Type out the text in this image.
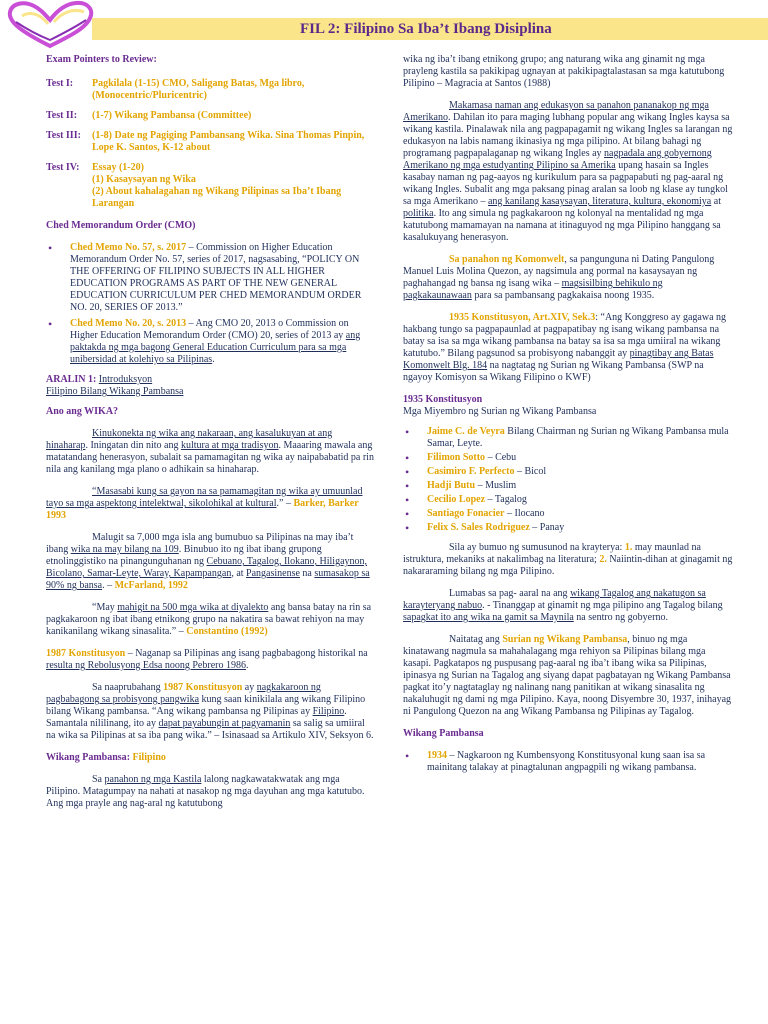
FIL 2: Filipino Sa Iba’t Ibang Disiplina

Exam Pointers to Review:

Test I:	Pagkilala (1-15) CMO, Saligang Batas, Mga libro, (Monocentric/Pluricentric)
Test II:	(1-7) Wikang Pambansa (Committee)
Test III:	(1-8) Date ng Pagiging Pambansang Wika. Sina Thomas Pinpin, Lope K. Santos, K-12 about
Test IV:	Essay (1-20)
(1) Kasaysayan ng Wika
(2) About kahalagahan ng Wikang Pilipinas sa Iba’t Ibang Larangan

Ched Memorandum Order (CMO)

• Ched Memo No. 57, s. 2017 – Commission on Higher Education Memorandum Order No. 57, series of 2017, nagsasabing, “POLICY ON THE OFFERING OF FILIPINO SUBJECTS IN ALL HIGHER EDUCATION PROGRAMS AS PART OF THE NEW GENERAL EDUCATION CURRICULUM PER CHED MEMORANDUM ORDER NO. 20, SERIES OF 2013.”
• Ched Memo No. 20, s. 2013 – Ang CMO 20, 2013 o Commission on Higher Education Memorandum Order (CMO) 20, series of 2013 ay ang paktakda ng mga bagong General Education Curriculum para sa mga unibersidad at kolehiyo sa Pilipinas.

ARALIN 1: Introduksyon
Filipino Bilang Wikang Pambansa

Ano ang WIKA?

Kinukonekta ng wika ang nakaraan, ang kasalukuyan at ang hinaharap. Iningatan din nito ang kultura at mga tradisyon. Maaaring mawala ang matatandang henerasyon, subalait sa pamamagitan ng wika ay naipababatid pa rin nila ang kanilang mga plano o adhikain sa hinaharap.

“Masasabi kung sa gayon na sa pamamagitan ng wika ay umuunlad tayo sa mga aspektong intelektwal, sikolohikal at kultural.” – Barker, Barker 1993

Malugit sa 7,000 mga isla ang bumubuo sa Pilipinas na may iba’t ibang wika na may bilang na 109. Binubuo ito ng ibat ibang grupong etnolinggistiko na pinangunguhanan ng Cebuano, Tagalog, Ilokano, Hiligaynon, Bicolano, Samar-Leyte, Waray, Kapampangan, at Pangasinense na sumasakop sa 90% ng bansa. – McFarland, 1992

“May mahigit na 500 mga wika at diyalekto ang bansa batay na rin sa pagkakaroon ng ibat ibang etnikong grupo na nakatira sa bawat rehiyon na may kanikanilang wikang sinasalita.” – Constantino (1992)

1987 Konstitusyon – Naganap sa Pilipinas ang isang pagbabagong historikal na resulta ng Rebolusyong Edsa noong Pebrero 1986.

Sa naaprubahang 1987 Konstitusyon ay nagkakaroon ng pagbabagong sa probisyong pangwika kung saan kinikilala ang wikang Filipino bilang Wikang pambansa. “Ang wikang pambansa ng Pilipinas ay Filipino. Samantala nililinang, ito ay dapat payabungin at pagyamanin sa salig sa umiiral na wika sa Pilipinas at sa iba pang wika.” – Isinasaad sa Artikulo XIV, Seksyon 6.

Wikang Pambansa: Filipino

Sa panahon ng mga Kastila lalong nagkawatakwatak ang mga Pilipino. Matagumpay na nahati at nasakop ng mga dayuhan ang mga katutubo. Ang mga prayle ang nag-aral ng katutubong

wika ng iba’t ibang etnikong grupo; ang naturang wika ang ginamit ng mga prayleng kastila sa pakikipag ugnayan at pakikipagtalastasan sa mga katutubong Pilipino – Magracia at Santos (1988)

Makamasa naman ang edukasyon sa panahon pananakop ng mga Amerikano. Dahilan ito para maging lubhang popular ang wikang Ingles kaysa sa wikang kastila. Pinalawak nila ang pagpapagamit ng wikang Ingles sa larangan ng edukasyon na labis namang ikinasiya ng mga pilipino. At bilang bahagi ng programang pagpapalaganap ng wikang Ingles ay nagpadala ang gobyernong Amerikano ng mga estudyanting Pilipino sa Amerika upang hasain sa Ingles kasabay naman ng pag-aayos ng kurikulum para sa pagpapabuti ng pag-aaral ng wikang Ingles. Subalit ang mga paksang pinag aralan sa loob ng klase ay tungkol sa mga Amerikano – ang kanilang kasaysayan, literatura, kultura, ekonomiya at politika. Ito ang simula ng pagkakaroon ng kolonyal na mentalidad ng mga katutubong mamamayan na namana at itinaguyod ng mga Pilipino hanggang sa kasalukuyang henerasyon.

Sa panahon ng Komonwelt, sa pangunguna ni Dating Pangulong Manuel Luis Molina Quezon, ay nagsimula ang pormal na kasaysayan ng paghahangad ng bansa ng isang wika – magsisilbing behikulo ng pagkakaunawaan para sa pambansang pagkakaisa noong 1935.

1935 Konstitusyon, Art.XIV, Sek.3: “Ang Konggreso ay gagawa ng hakbang tungo sa pagpapaunlad at pagpapatibay ng isang wikang pambansa na batay sa isa sa mga wikang pambansa na batay sa isa sa mga umiiral na wikang katutubo.” Bilang pagsunod sa probisyong nabanggit ay pinagtibay ang Batas Komonwelt Blg. 184 na nagtatag ng Surian ng Wikang Pambansa (SWP na ngayoy Komisyon sa Wikang Filipino o KWF)

1935 Konstitusyon
Mga Miyembro ng Surian ng Wikang Pambansa

• Jaime C. de Veyra Bilang Chairman ng Surian ng Wikang Pambansa mula Samar, Leyte.
• Filimon Sotto – Cebu
• Casimiro F. Perfecto – Bicol
• Hadji Butu – Muslim
• Cecilio Lopez – Tagalog
• Santiago Fonacier – Ilocano
• Felix S. Sales Rodriguez – Panay

Sila ay bumuo ng sumusunod na krayterya: 1. may maunlad na istruktura, mekaniks at nakalimbag na literatura; 2. Naiintin-dihan at ginagamit ng nakararaming bilang ng mga Pilipino.

Lumabas sa pag- aaral na ang wikang Tagalog ang nakatugon sa karayteryang nabuo. - Tinanggap at ginamit ng mga pilipino ang Tagalog bilang sapagkat ito ang wika na gamit sa Maynila na sentro ng gobyerno.

Naitatag ang Surian ng Wikang Pambansa, binuo ng mga kinatawang nagmula sa mahahalagang mga rehiyon sa Pilipinas bilang mga kasapi. Pagkatapos ng puspusang pag-aaral ng iba’t ibang wika sa Pilipinas, ipinasya ng Surian na Tagalog ang siyang dapat pagbatayan ng Wikang Pambansa pagkat ito’y nagtataglay ng nalinang nang panitikan at wikang sinasalita ng nakaluhugit ng dami ng mga Pilipino. Kaya, noong Disyembre 30, 1937, inihayag ni Pangulong Quezon na ang Wikang Pambansa ng Pilipinas ay Tagalog.

Wikang Pambansa

• 1934 – Nagkaroon ng Kumbensyong Konstitusyonal kung saan isa sa mainitang talakay at pinagtalunan angpagpili ng wikang pambansa.
